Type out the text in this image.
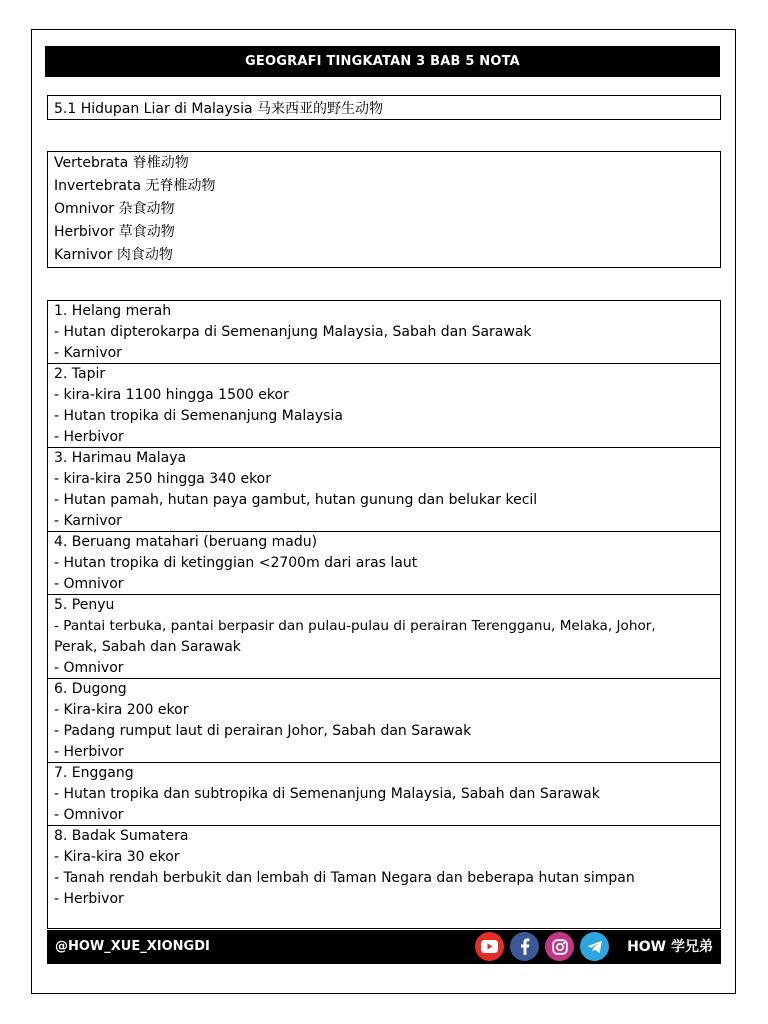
GEOGRAFI TINGKATAN 3 BAB 5 NOTA
5.1 Hidupan Liar di Malaysia 马来西亚的野生动物
Vertebrata 脊椎动物
Invertebrata 无脊椎动物
Omnivor 杂食动物
Herbivor 草食动物
Karnivor 肉食动物
1. Helang merah
- Hutan dipterokarpa di Semenanjung Malaysia, Sabah dan Sarawak
- Karnivor
2. Tapir
- kira-kira 1100 hingga 1500 ekor
- Hutan tropika di Semenanjung Malaysia
- Herbivor
3. Harimau Malaya
- kira-kira 250 hingga 340 ekor
- Hutan pamah, hutan paya gambut, hutan gunung dan belukar kecil
- Karnivor
4. Beruang matahari (beruang madu)
- Hutan tropika di ketinggian <2700m dari aras laut
- Omnivor
5. Penyu
- Pantai terbuka, pantai berpasir dan pulau-pulau di perairan Terengganu, Melaka, Johor,
Perak, Sabah dan Sarawak
- Omnivor
6. Dugong
- Kira-kira 200 ekor
- Padang rumput laut di perairan Johor, Sabah dan Sarawak
- Herbivor
7. Enggang
- Hutan tropika dan subtropika di Semenanjung Malaysia, Sabah dan Sarawak
- Omnivor
8. Badak Sumatera
- Kira-kira 30 ekor
- Tanah rendah berbukit dan lembah di Taman Negara dan beberapa hutan simpan
- Herbivor
@HOW_XUE_XIONGDI	HOW 学兄弟
